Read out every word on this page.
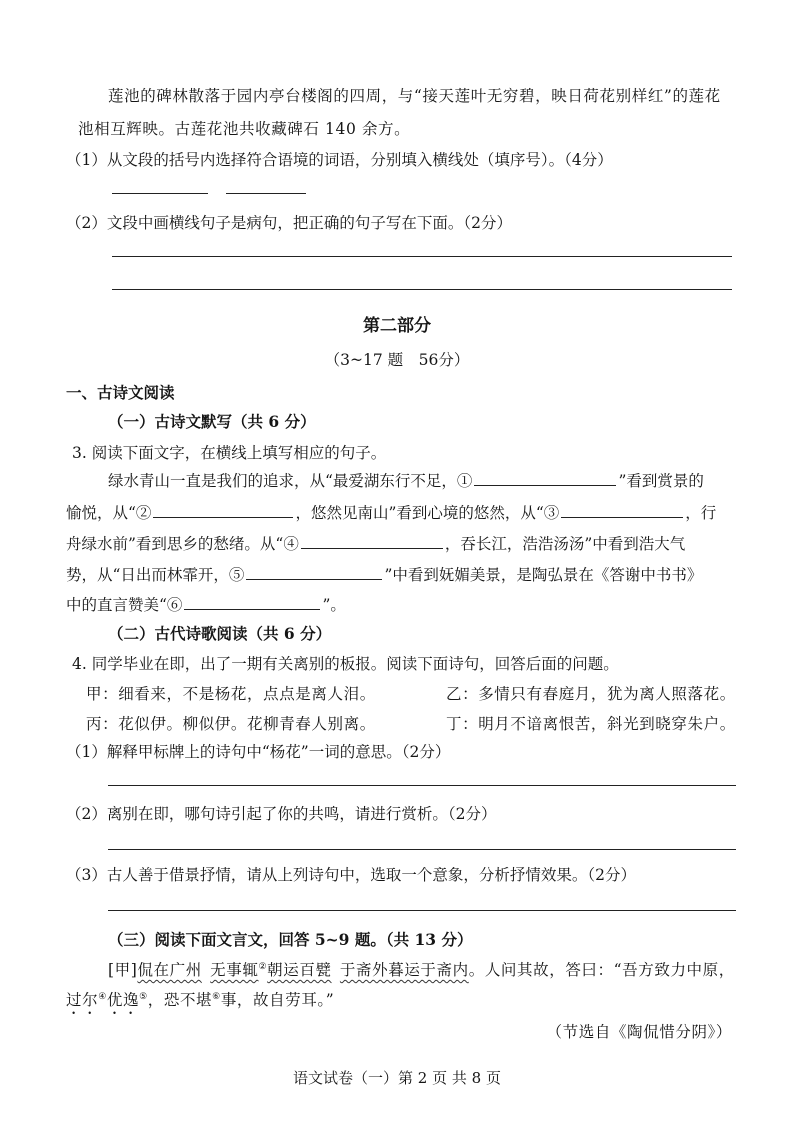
莲池的碑林散落于园内亭台楼阁的四周，与“接天莲叶无穷碧，映日荷花别样红”的莲花
池相互辉映。古莲花池共收藏碑石 140 余方。
（1）从文段的括号内选择符合语境的词语，分别填入横线处（填序号）。（4分）
（2）文段中画横线句子是病句，把正确的句子写在下面。（2分）
第二部分
（3~17 题　56分）
一、古诗文阅读
（一）古诗文默写（共 6 分）
3. 阅读下面文字，在横线上填写相应的句子。
绿水青山一直是我们的追求，从“最爱湖东行不足，①	”看到赏景的
愉悦，从“②	，悠然见南山”看到心境的悠然，从“③	，行
舟绿水前”看到思乡的愁绪。从“④	，吞长江，浩浩汤汤”中看到浩大气
势，从“日出而林霏开，⑤	”中看到妩媚美景，是陶弘景在《答谢中书书》
中的直言赞美“⑥	”。
（二）古代诗歌阅读（共 6 分）
4. 同学毕业在即，出了一期有关离别的板报。阅读下面诗句，回答后面的问题。
甲：细看来，不是杨花，点点是离人泪。	乙：多情只有春庭月，犹为离人照落花。
丙：花似伊。柳似伊。花柳青春人别离。	丁：明月不谙离恨苦，斜光到晓穿朱户。
（1）解释甲标牌上的诗句中“杨花”一词的意思。（2分）
（2）离别在即，哪句诗引起了你的共鸣，请进行赏析。（2分）
（3）古人善于借景抒情，请从上列诗句中，选取一个意象，分析抒情效果。（2分）
（三）阅读下面文言文，回答 5~9 题。（共 13 分）
[甲]侃在广州  无事辄②朝运百甓  于斋外暮运于斋内。人问其故，答曰：“吾方致力中原，
过尔④优逸⑤，恐不堪⑥事，故自劳耳。”
（节选自《陶侃惜分阴》）
语文试卷（一）第 2 页 共 8 页
